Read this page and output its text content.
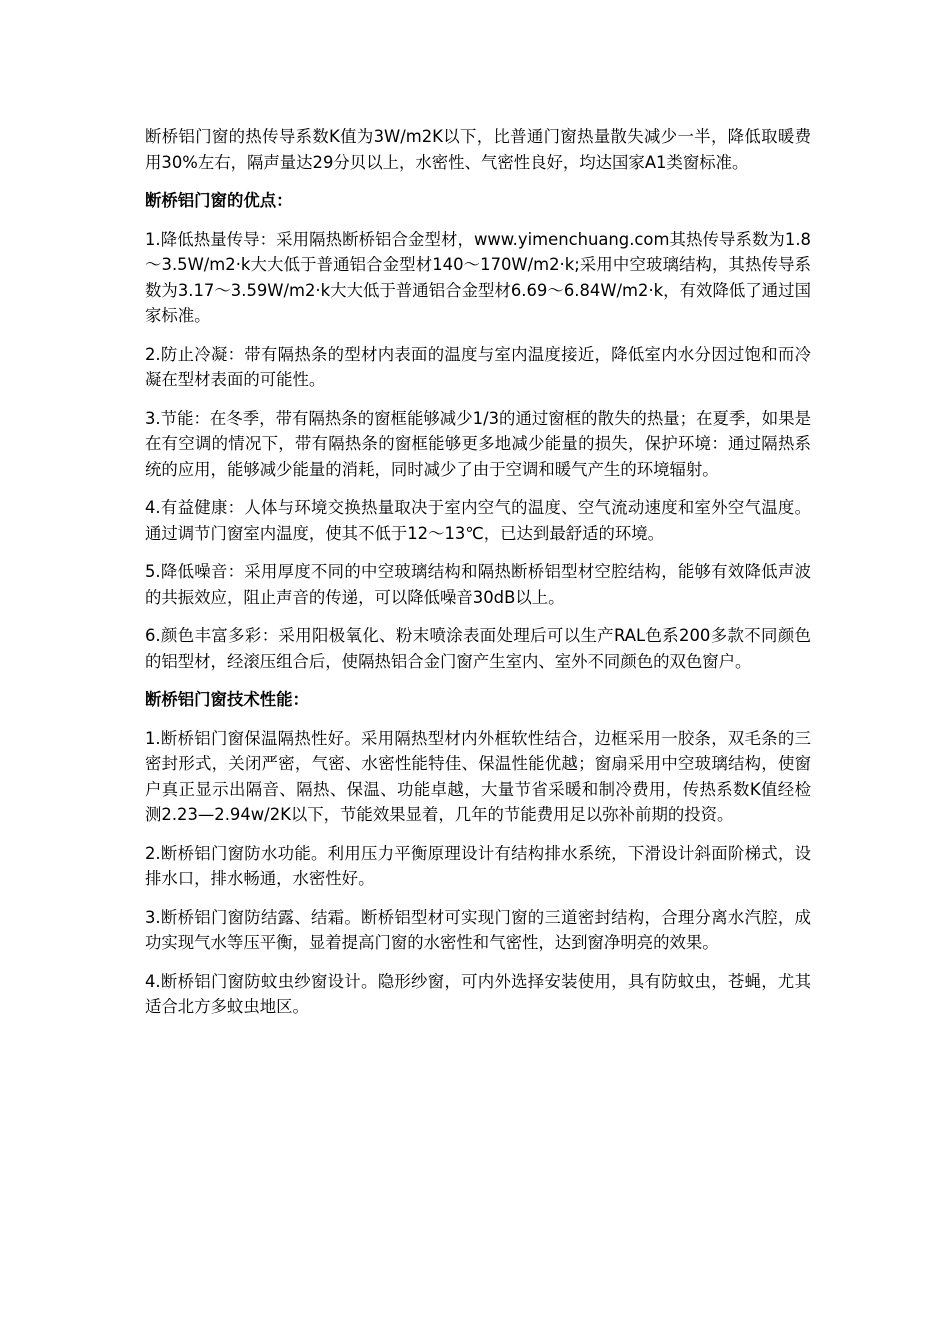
断桥铝门窗的热传导系数K值为3W/m2K以下，比普通门窗热量散失减少一半，降低取暖费用30%左右，隔声量达29分贝以上，水密性、气密性良好，均达国家A1类窗标准。

断桥铝门窗的优点：

1.降低热量传导：采用隔热断桥铝合金型材，www.yimenchuang.com其热传导系数为1.8～3.5W/m2·k大大低于普通铝合金型材140～170W/m2·k;采用中空玻璃结构，其热传导系数为3.17～3.59W/m2·k大大低于普通铝合金型材6.69～6.84W/m2·k，有效降低了通过国家标准。

2.防止冷凝：带有隔热条的型材内表面的温度与室内温度接近，降低室内水分因过饱和而冷凝在型材表面的可能性。

3.节能：在冬季，带有隔热条的窗框能够减少1/3的通过窗框的散失的热量；在夏季，如果是在有空调的情况下，带有隔热条的窗框能够更多地减少能量的损失，保护环境：通过隔热系统的应用，能够减少能量的消耗，同时减少了由于空调和暖气产生的环境辐射。

4.有益健康：人体与环境交换热量取决于室内空气的温度、空气流动速度和室外空气温度。通过调节门窗室内温度，使其不低于12～13℃，已达到最舒适的环境。

5.降低噪音：采用厚度不同的中空玻璃结构和隔热断桥铝型材空腔结构，能够有效降低声波的共振效应，阻止声音的传递，可以降低噪音30dB以上。

6.颜色丰富多彩：采用阳极氧化、粉末喷涂表面处理后可以生产RAL色系200多款不同颜色的铝型材，经滚压组合后，使隔热铝合金门窗产生室内、室外不同颜色的双色窗户。

断桥铝门窗技术性能：

1.断桥铝门窗保温隔热性好。采用隔热型材内外框软性结合，边框采用一胶条，双毛条的三密封形式，关闭严密，气密、水密性能特佳、保温性能优越；窗扇采用中空玻璃结构，使窗户真正显示出隔音、隔热、保温、功能卓越，大量节省采暖和制冷费用，传热系数K值经检测2.23—2.94w/2K以下，节能效果显着，几年的节能费用足以弥补前期的投资。

2.断桥铝门窗防水功能。利用压力平衡原理设计有结构排水系统，下滑设计斜面阶梯式，设排水口，排水畅通，水密性好。

3.断桥铝门窗防结露、结霜。断桥铝型材可实现门窗的三道密封结构，合理分离水汽腔，成功实现气水等压平衡，显着提高门窗的水密性和气密性，达到窗净明亮的效果。

4.断桥铝门窗防蚊虫纱窗设计。隐形纱窗，可内外选择安装使用，具有防蚊虫，苍蝇，尤其适合北方多蚊虫地区。
